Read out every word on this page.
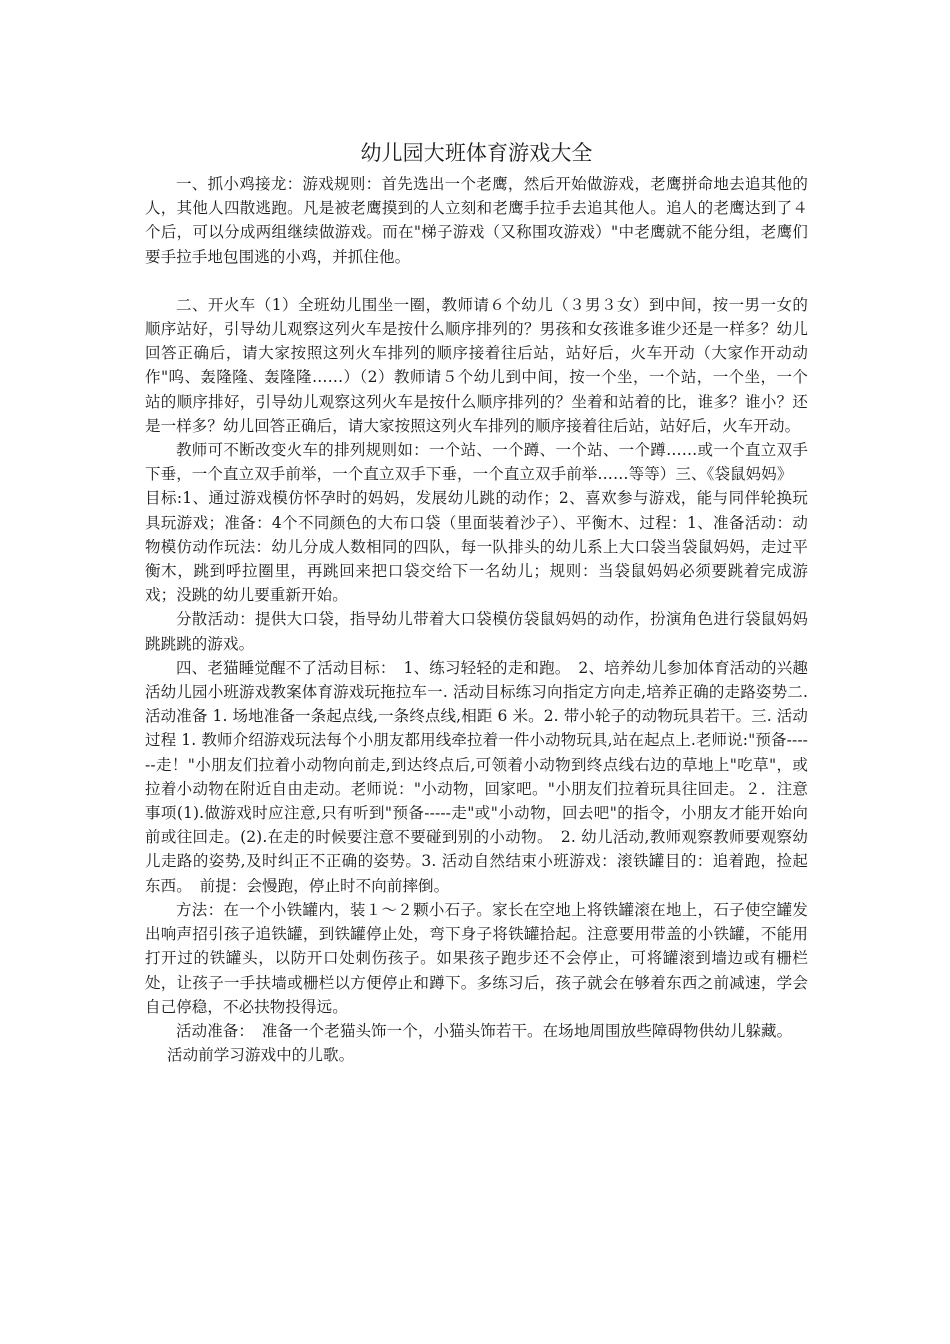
幼儿园大班体育游戏大全

一、抓小鸡接龙：游戏规则：首先选出一个老鹰，然后开始做游戏，老鹰拼命地去追其他的人，其他人四散逃跑。凡是被老鹰摸到的人立刻和老鹰手拉手去追其他人。追人的老鹰达到了４个后，可以分成两组继续做游戏。而在"梯子游戏（又称围攻游戏）"中老鹰就不能分组，老鹰们要手拉手地包围逃的小鸡，并抓住他。

二、开火车（1）全班幼儿围坐一圈，教师请６个幼儿（３男３女）到中间，按一男一女的顺序站好，引导幼儿观察这列火车是按什么顺序排列的？男孩和女孩谁多谁少还是一样多？幼儿回答正确后，请大家按照这列火车排列的顺序接着往后站，站好后，火车开动（大家作开动动作"呜、轰隆隆、轰隆隆……）（2）教师请５个幼儿到中间，按一个坐，一个站，一个坐，一个站的顺序排好，引导幼儿观察这列火车是按什么顺序排列的？坐着和站着的比，谁多？谁小？还是一样多？幼儿回答正确后，请大家按照这列火车排列的顺序接着往后站，站好后，火车开动。

教师可不断改变火车的排列规则如：一个站、一个蹲、一个站、一个蹲……或一个直立双手下垂，一个直立双手前举，一个直立双手下垂，一个直立双手前举……等等）三、《袋鼠妈妈》

目标:1、通过游戏模仿怀孕时的妈妈，发展幼儿跳的动作；2、喜欢参与游戏，能与同伴轮换玩具玩游戏；准备：4个不同颜色的大布口袋（里面装着沙子）、平衡木、过程：1、准备活动：动物模仿动作玩法：幼儿分成人数相同的四队，每一队排头的幼儿系上大口袋当袋鼠妈妈，走过平衡木，跳到呼拉圈里，再跳回来把口袋交给下一名幼儿；规则：当袋鼠妈妈必须要跳着完成游戏；没跳的幼儿要重新开始。

分散活动：提供大口袋，指导幼儿带着大口袋模仿袋鼠妈妈的动作，扮演角色进行袋鼠妈妈跳跳跳的游戏。

四、老猫睡觉醒不了活动目标：　1、练习轻轻的走和跑。　2、培养幼儿参加体育活动的兴趣活幼儿园小班游戏教案体育游戏玩拖拉车一. 活动目标练习向指定方向走,培养正确的走路姿势二. 活动准备 1. 场地准备一条起点线,一条终点线,相距 6 米。2. 带小轮子的动物玩具若干。三. 活动过程 1. 教师介绍游戏玩法每个小朋友都用线牵拉着一件小动物玩具,站在起点上.老师说:"预备------走！"小朋友们拉着小动物向前走,到达终点后,可领着小动物到终点线右边的草地上"吃草"，或拉着小动物在附近自由走动。老师说："小动物，回家吧。"小朋友们拉着玩具往回走。２．注意事项(1).做游戏时应注意,只有听到"预备-----走"或"小动物，回去吧"的指令，小朋友才能开始向前或往回走。(2).在走的时候要注意不要碰到别的小动物。　2. 幼儿活动,教师观察教师要观察幼儿走路的姿势,及时纠正不正确的姿势。3. 活动自然结束小班游戏：滚铁罐目的：追着跑，捡起东西。　前提：会慢跑，停止时不向前摔倒。

方法：在一个小铁罐内，装１～２颗小石子。家长在空地上将铁罐滚在地上，石子使空罐发出响声招引孩子追铁罐，到铁罐停止处，弯下身子将铁罐拾起。注意要用带盖的小铁罐，不能用打开过的铁罐头，以防开口处刺伤孩子。如果孩子跑步还不会停止，可将罐滚到墙边或有栅栏处，让孩子一手扶墙或栅栏以方便停止和蹲下。多练习后，孩子就会在够着东西之前减速，学会自己停稳，不必扶物投得远。

活动准备：　准备一个老猫头饰一个，小猫头饰若干。在场地周围放些障碍物供幼儿躲藏。

活动前学习游戏中的儿歌。
